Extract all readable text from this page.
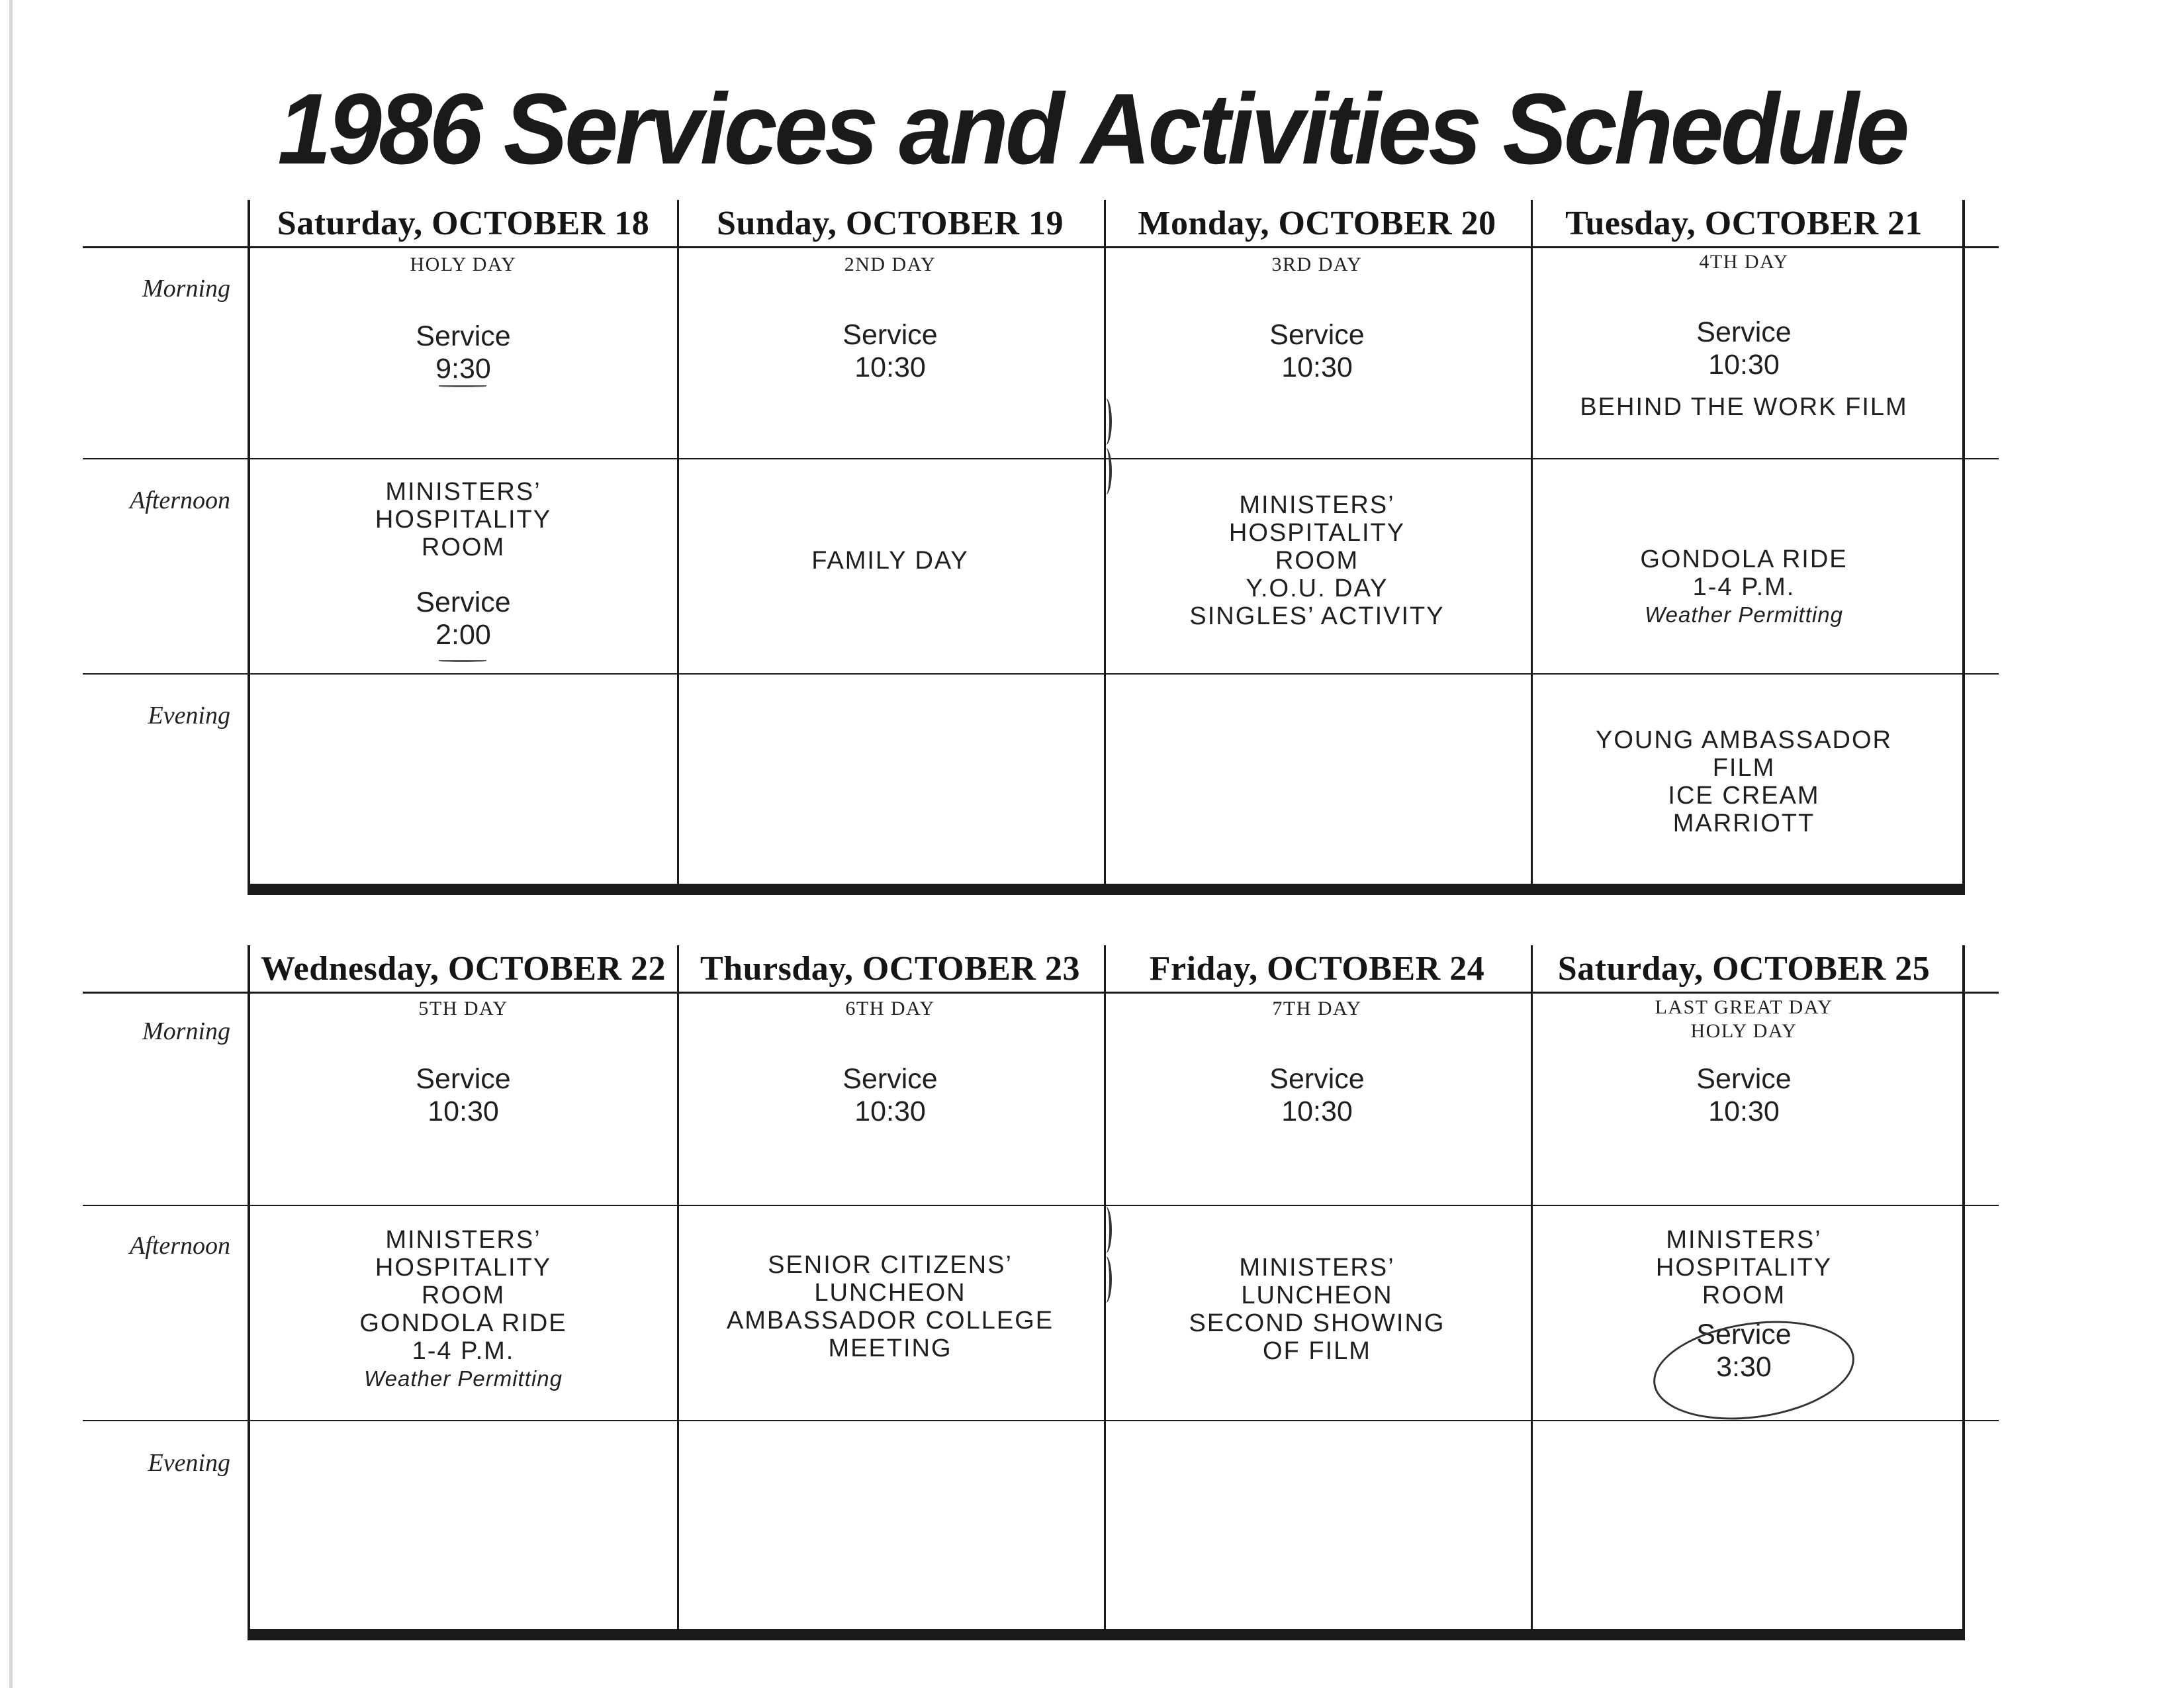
1986 Services and Activities Schedule
Morning
Afternoon
Evening
Saturday, OCTOBER 18
HOLY DAY
Service
9:30
MINISTERS’
HOSPITALITY
ROOM
Service
2:00
Sunday, OCTOBER 19
2ND DAY
Service
10:30
FAMILY DAY
Monday, OCTOBER 20
3RD DAY
Service
10:30
MINISTERS’
HOSPITALITY
ROOM
Y.O.U. DAY
SINGLES’ ACTIVITY
Tuesday, OCTOBER 21
4TH DAY
Service
10:30
BEHIND THE WORK FILM
GONDOLA RIDE
1-4 P.M.
Weather Permitting
YOUNG AMBASSADOR
FILM
ICE CREAM
MARRIOTT
Morning
Afternoon
Evening
Wednesday, OCTOBER 22
5TH DAY
Service
10:30
MINISTERS’
HOSPITALITY
ROOM
GONDOLA RIDE
1-4 P.M.
Weather Permitting
Thursday, OCTOBER 23
6TH DAY
Service
10:30
SENIOR CITIZENS’
LUNCHEON
AMBASSADOR COLLEGE
MEETING
Friday, OCTOBER 24
7TH DAY
Service
10:30
MINISTERS’
LUNCHEON
SECOND SHOWING
OF FILM
Saturday, OCTOBER 25
LAST GREAT DAY
HOLY DAY
Service
10:30
MINISTERS’
HOSPITALITY
ROOM
Service
3:30
